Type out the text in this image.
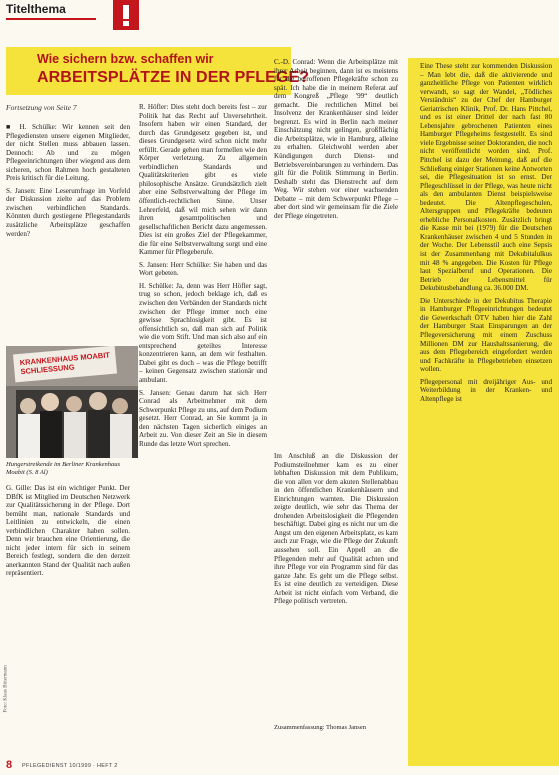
Titelthema
Wie sichern bzw. schaffen wir
ARBEITSPLÄTZE IN DER PFLEGE?
Fortsetzung von Seite 7

■ H. Schülke: Wir kennen seit den Pflegediensten unsere eigenen Mitglieder, der nicht Stellen muss abbauen lassen. Dennoch: Ab und zu mögen Pflegeeinrichtungen über wiegend aus dem sicheren, schon Rahmen hoch gestalteten Preis kritisch für die Leitung.

S. Jansen: Eine Leserumfrage im Vorfeld der Diskussion zielte auf das Problem zwischen verbindlichen Standards. Könnten durch gestiegene Pflegestandards zusätzliche Arbeitsplätze geschaffen werden?

KRANKENHAUS MOABIT SCHLIESSUNG
Hungerstreikende im Berliner Krankenhaus Moabit (S. 8 Al)

G. Gille: Das ist ein wichtiger Punkt. Der DBfK ist Mitglied im Deutschen Netzwerk zur Qualitätssicherung in der Pflege. Dort bemüht man, nationale Standards und Leitlinien zu entwickeln, die einen verbindlichen Charakter haben sollen. Denn wir brauchen eine Orientierung, die nicht jeder intern für sich in seinem Bereich festlegt, sondern die den derzeit anerkannten Stand der Qualität nach außen repräsentiert.

Foto: Klaus Bittermann

R. Höfler: Dies steht doch bereits fest – zur Politik hat das Recht auf Unversehrtheit. Insofern haben wir einen Standard, der durch das Grundgesetz gegeben ist, und dieses Grundgesetz wird schon nicht mehr erfüllt. Gerade gehen man formellen wie den Körper verletzung. Zu allgemein verbindlichen Standards und Qualitätskriterien gibt es viele philosophische Ansätze. Grundsätzlich zielt aber eine Selbstverwaltung der Pflege im öffentlich-rechtlichen Sinne. Unser Lehrerfeld, daß wil mich sehen wir dann ihren gesamtpolitischen und gesellschaftlichen Bericht dazu angemessen. Dies ist ein großes Ziel der Pflegekammer, die für eine Selbstverwaltung sorgt und eine Kammer für Pflegeberufe.

S. Jansen: Herr Schülke: Sie haben und das Wort gebeten.

H. Schülke: Ja, denn was Herr Höfler sagt, trug so schon, jedoch beklage ich, daß es zwischen den Verbänden der Standards nicht zwischen der Pflege immer noch eine gewisse Sprachlosigkeit gibt. Es ist offensichtlich so, daß man sich auf Politik wie die vom Stift. Und man sich also auf ein entsprechend geteiltes Interesse konzentrieren kann, an dem wir festhalten. Dabei gibt es doch – was die Pflege betrifft – keinen Gegensatz zwischen stationär und ambulant.

S. Jansen: Genau darum hat sich Herr Conrad als Arbeitnehmer mit dem Schwerpunkt Pflege zu uns, auf dem Podium gesetzt. Herr Conrad, an Sie kommt ja in den nächsten Tagen sicherlich einiges an Arbeit zu. Von dieser Zeit an Sie in diesem Runde das letzte Wort sprechen.

C.-D. Conrad: Wenn die Arbeitsplätze mit ihrer Arbeit beginnen, dann ist es meistens für die betroffenen Pflegekräfte schon zu spät. Ich habe die in meinem Referat auf dem Kongreß „Pflege '99“ deutlich gemacht. Die rechtlichen Mittel bei Insolvenz der Krankenhäuser sind leider begrenzt. Es wird in Berlin nach meiner Einschätzung nicht gelingen, großflächig die Arbeitsplätze, wie in Hamburg, alleine zu erhalten. Gleichwohl werden aber Kündigungen durch Dienst- und Betriebsvereinbarungen zu verhindern. Das gilt für die Politik Stimmung in Berlin. Deshalb steht das Dienstrecht auf dem Weg. Wir stehen vor einer wachsenden Debatte – mit dem Schwerpunkt Pflege – aber dort sind wir gemeinsam für die Ziele der Pflege eingetreten.

Im Anschluß an die Diskussion der Podiumsteilnehmer kam es zu einer lebhaften Diskussion mit dem Publikum, die von allen vor dem akuten Stellenabbau in den öffentlichen Krankenhäusern und Einrichtungen warnten. Die Diskussion zeigte deutlich, wie sehr das Thema der drohenden Arbeitslosigkeit die Pflegenden beschäftigt. Dabei ging es nicht nur um die Angst um den eigenen Arbeitsplatz, es kam auch zur Frage, wie die Pflege der Zukunft aussehen soll. Ein Appell an die Pflegenden mehr auf Qualität achten und ihre Pflege vor ein Programm sind für das ganze Jahr. Es geht um die Pflege selbst. Es ist eine deutlich zu verteidigen. Diese Arbeit ist nicht einfach vom Verband, die Pflege politisch vertreten.

Zusammenfassung: Thomas Jansen

Eine These steht zur kommenden Diskussion – Man lebt die, daß die aktivierende und ganzheitliche Pflege von Patienten wirklich verwandt, so sagt der Wandel, „Tödliches Verständnis“ zu der Chef der Hamburger Geriatrischen Klinik, Prof. Dr. Hans Pittchel, und es ist einer Drittel der nach fast 80 Lebensjahre gebrochenen Patienten eines Hamburger Pflegeheims festgestellt. Es sind viele Ergebnisse seiner Doktoranden, die noch nicht veröffentlicht worden sind. Prof. Pittchel ist dazu der Meinung, daß auf die Schließung einiger Stationen keine Antworten sei, die Pflegesituation ist so ernst. Der Pflegeschlüssel in der Pflege, was heute nicht als den ambulanten Dienst beispielsweise bedeutet. Die Altenpflegeschulen, Altersgruppen und Pflegekräfte bedeuten erhebliche Personalkosten. Zusätzlich bringt die Kasse mit bei (1979) für die Deutschen Krankenhäuser zwischen 4 und 5 Stunden in der Woche. Der Lebensstil auch eine Sepsis ist der Zusammenhang mit Dekubitalulkus mit 48 % angegeben. Die Kosten für Pflege laut Spezialberuf und Operationen. Die Betrieb der Lebensmittel für Dekubitusbehandlung ca. 36.000 DM.

Die Unterschiede in der Dekubitus Therapie in Hamburger Pflegeeinrichtungen bedeutet die Gewerkschaft ÖTV haben hier die Zahl der Hamburger Staat Einsparungen an der Pflegeversicherung mit einem Zuschuss Millionen DM zur Haushaltssanierung, die aus dem Pflegebereich eingefordert werden und Fachkräfte in Pflegebetrieben einsetzen wollen.

Pflegepersonal mit dreijähriger Aus- und Weiterbildung in der Kranken- und Altenpflege ist

8 PFLEGEDIENST 10/1999 · HEFT 2
